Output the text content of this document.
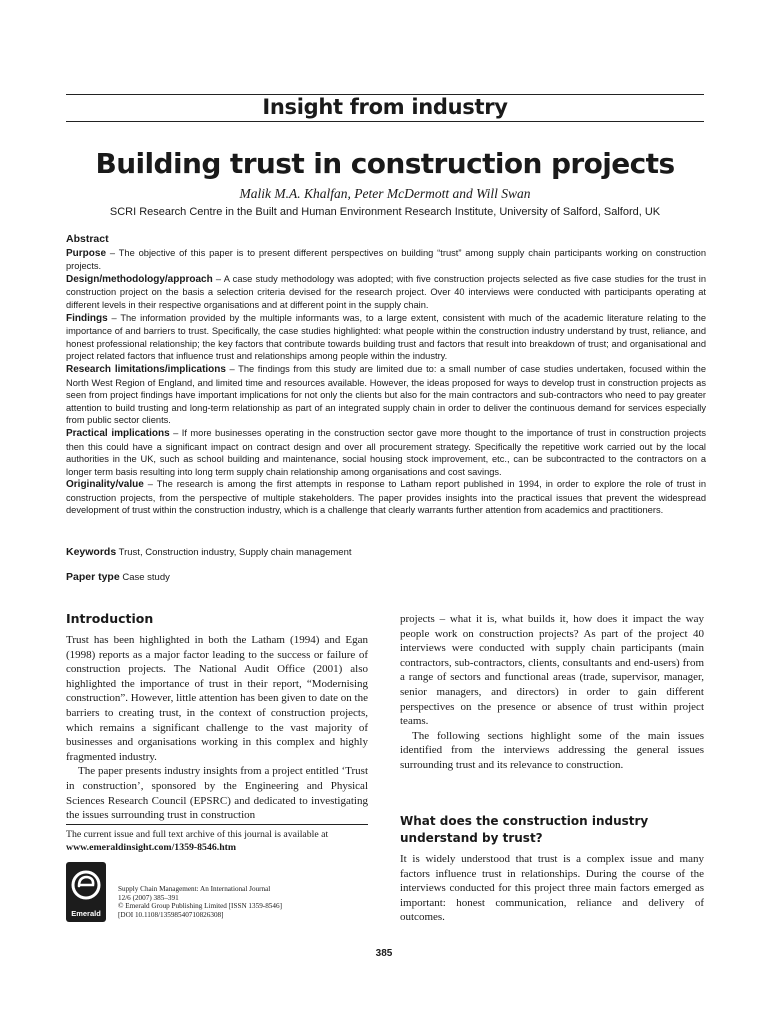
Insight from industry
Building trust in construction projects
Malik M.A. Khalfan, Peter McDermott and Will Swan
SCRI Research Centre in the Built and Human Environment Research Institute, University of Salford, Salford, UK
Abstract

Purpose – The objective of this paper is to present different perspectives on building “trust” among supply chain participants working on construction projects.

Design/methodology/approach – A case study methodology was adopted; with five construction projects selected as five case studies for the trust in construction project on the basis a selection criteria devised for the research project. Over 40 interviews were conducted with participants operating at different levels in their respective organisations and at different point in the supply chain.

Findings – The information provided by the multiple informants was, to a large extent, consistent with much of the academic literature relating to the importance of and barriers to trust. Specifically, the case studies highlighted: what people within the construction industry understand by trust, reliance, and honest professional relationship; the key factors that contribute towards building trust and factors that result into breakdown of trust; and organisational and project related factors that influence trust and relationships among people within the industry.

Research limitations/implications – The findings from this study are limited due to: a small number of case studies undertaken, focused within the North West Region of England, and limited time and resources available. However, the ideas proposed for ways to develop trust in construction projects as seen from project findings have important implications for not only the clients but also for the main contractors and sub-contractors who need to pay greater attention to build trusting and long-term relationship as part of an integrated supply chain in order to deliver the continuous demand for services especially from public sector clients.

Practical implications – If more businesses operating in the construction sector gave more thought to the importance of trust in construction projects then this could have a significant impact on contract design and over all procurement strategy. Specifically the repetitive work carried out by the local authorities in the UK, such as school building and maintenance, social housing stock improvement, etc., can be subcontracted to the contractors on a longer term basis resulting into long term supply chain relationship among organisations and cost savings.

Originality/value – The research is among the first attempts in response to Latham report published in 1994, in order to explore the role of trust in construction projects, from the perspective of multiple stakeholders. The paper provides insights into the practical issues that prevent the widespread development of trust within the construction industry, which is a challenge that clearly warrants further attention from academics and practitioners.

Keywords Trust, Construction industry, Supply chain management
Paper type Case study
Introduction

Trust has been highlighted in both the Latham (1994) and Egan (1998) reports as a major factor leading to the success or failure of construction projects. The National Audit Office (2001) also highlighted the importance of trust in their report, “Modernising construction”. However, little attention has been given to date on the barriers to creating trust, in the context of construction projects, which remains a significant challenge to the vast majority of businesses and organisations working in this complex and highly fragmented industry.

The paper presents industry insights from a project entitled ‘Trust in construction’, sponsored by the Engineering and Physical Sciences Research Council (EPSRC) and dedicated to investigating the issues surrounding trust in construction

projects – what it is, what builds it, how does it impact the way people work on construction projects? As part of the project 40 interviews were conducted with supply chain participants (main contractors, sub-contractors, clients, consultants and end-users) from a range of sectors and functional areas (trade, supervisor, manager, senior managers, and directors) in order to gain different perspectives on the presence or absence of trust within project teams.

The following sections highlight some of the main issues identified from the interviews addressing the general issues surrounding trust and its relevance to construction.

What does the construction industry understand by trust?

It is widely understood that trust is a complex issue and many factors influence trust in relationships. During the course of the interviews conducted for this project three main factors emerged as important: honest communication, reliance and delivery of outcomes.

The current issue and full text archive of this journal is available at
www.emeraldinsight.com/1359-8546.htm
Emerald
Supply Chain Management: An International Journal
12/6 (2007) 385–391
© Emerald Group Publishing Limited [ISSN 1359-8546]
[DOI 10.1108/13598540710826308]
385
